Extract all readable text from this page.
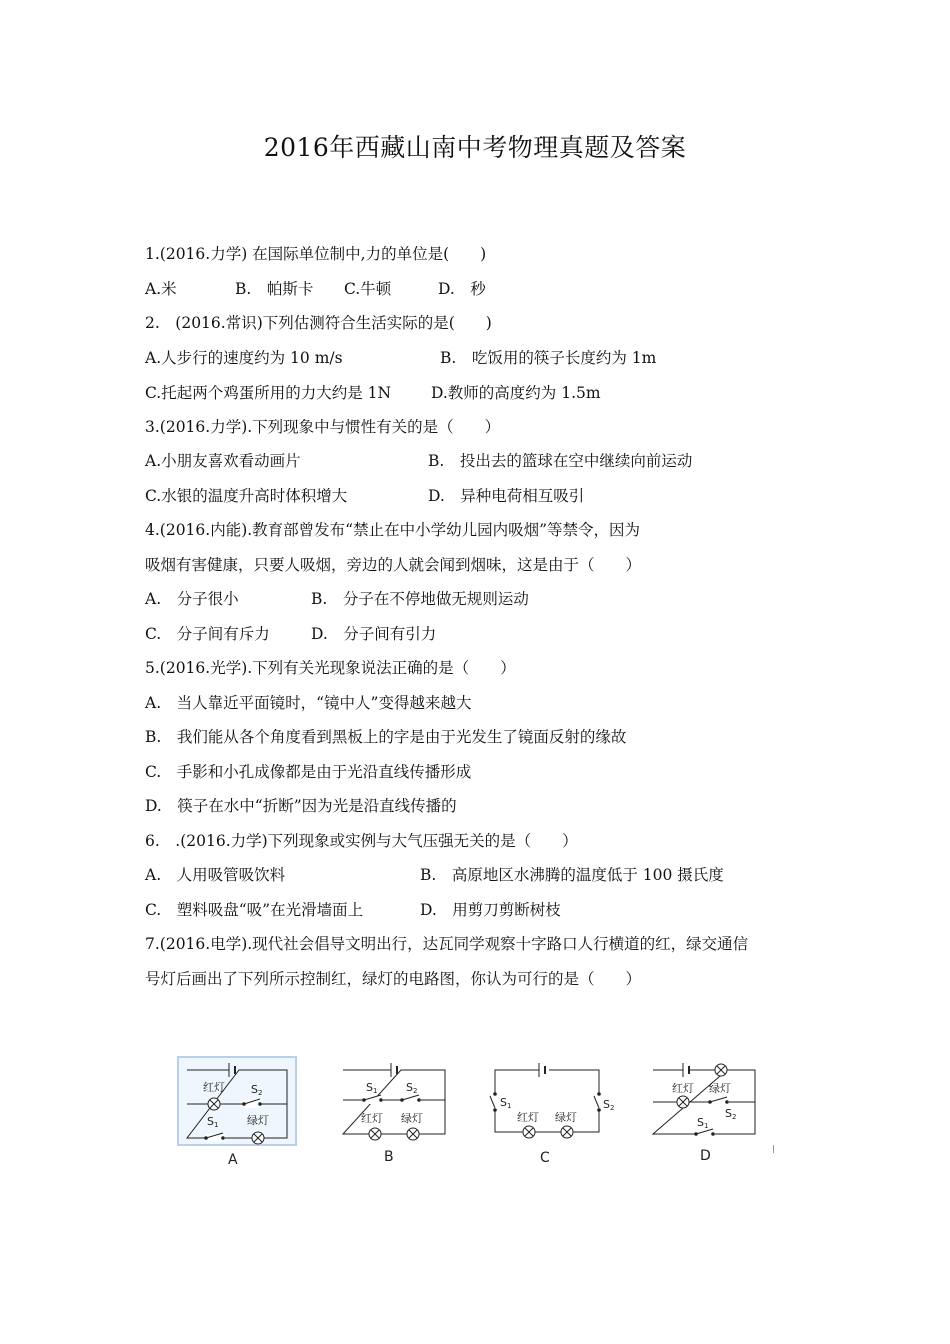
2016年西藏山南中考物理真题及答案
1.(2016.力学) 在国际单位制中,力的单位是(　　)
A.米	B.　帕斯卡 C.牛顿	D.　秒
2.　(2016.常识)下列估测符合生活实际的是(　　)
A.人步行的速度约为 10 m/s	B.　吃饭用的筷子长度约为 1m
C.托起两个鸡蛋所用的力大约是 1N	D.教师的高度约为 1.5m
3.(2016.力学).下列现象中与惯性有关的是（　　）
A.小朋友喜欢看动画片	B.　投出去的篮球在空中继续向前运动
C.水银的温度升高时体积增大	D.　异种电荷相互吸引
4.(2016.内能).教育部曾发布“禁止在中小学幼儿园内吸烟”等禁令，因为
吸烟有害健康，只要人吸烟，旁边的人就会闻到烟味，这是由于（　　）
A.　分子很小	B.　分子在不停地做无规则运动
C.　分子间有斥力	D.　分子间有引力
5.(2016.光学).下列有关光现象说法正确的是（　　）
A.　当人靠近平面镜时，“镜中人”变得越来越大
B.　我们能从各个角度看到黑板上的字是由于光发生了镜面反射的缘故
C.　手影和小孔成像都是由于光沿直线传播形成
D.　筷子在水中“折断”因为光是沿直线传播的
6.　.(2016.力学)下列现象或实例与大气压强无关的是（　　）
A.　人用吸管吸饮料	B.　高原地区水沸腾的温度低于 100 摄氏度
C.　塑料吸盘“吸”在光滑墙面上	D.　用剪刀剪断树枝
7.(2016.电学).现代社会倡导文明出行，达瓦同学观察十字路口人行横道的红，绿交通信
号灯后画出了下列所示控制红，绿灯的电路图，你认为可行的是（　　）
红灯 S2
S1	绿灯
A
S1	S2
红灯 绿灯
B
S1	S2
红灯 绿灯
C
红灯 绿灯
S2
S1
D
